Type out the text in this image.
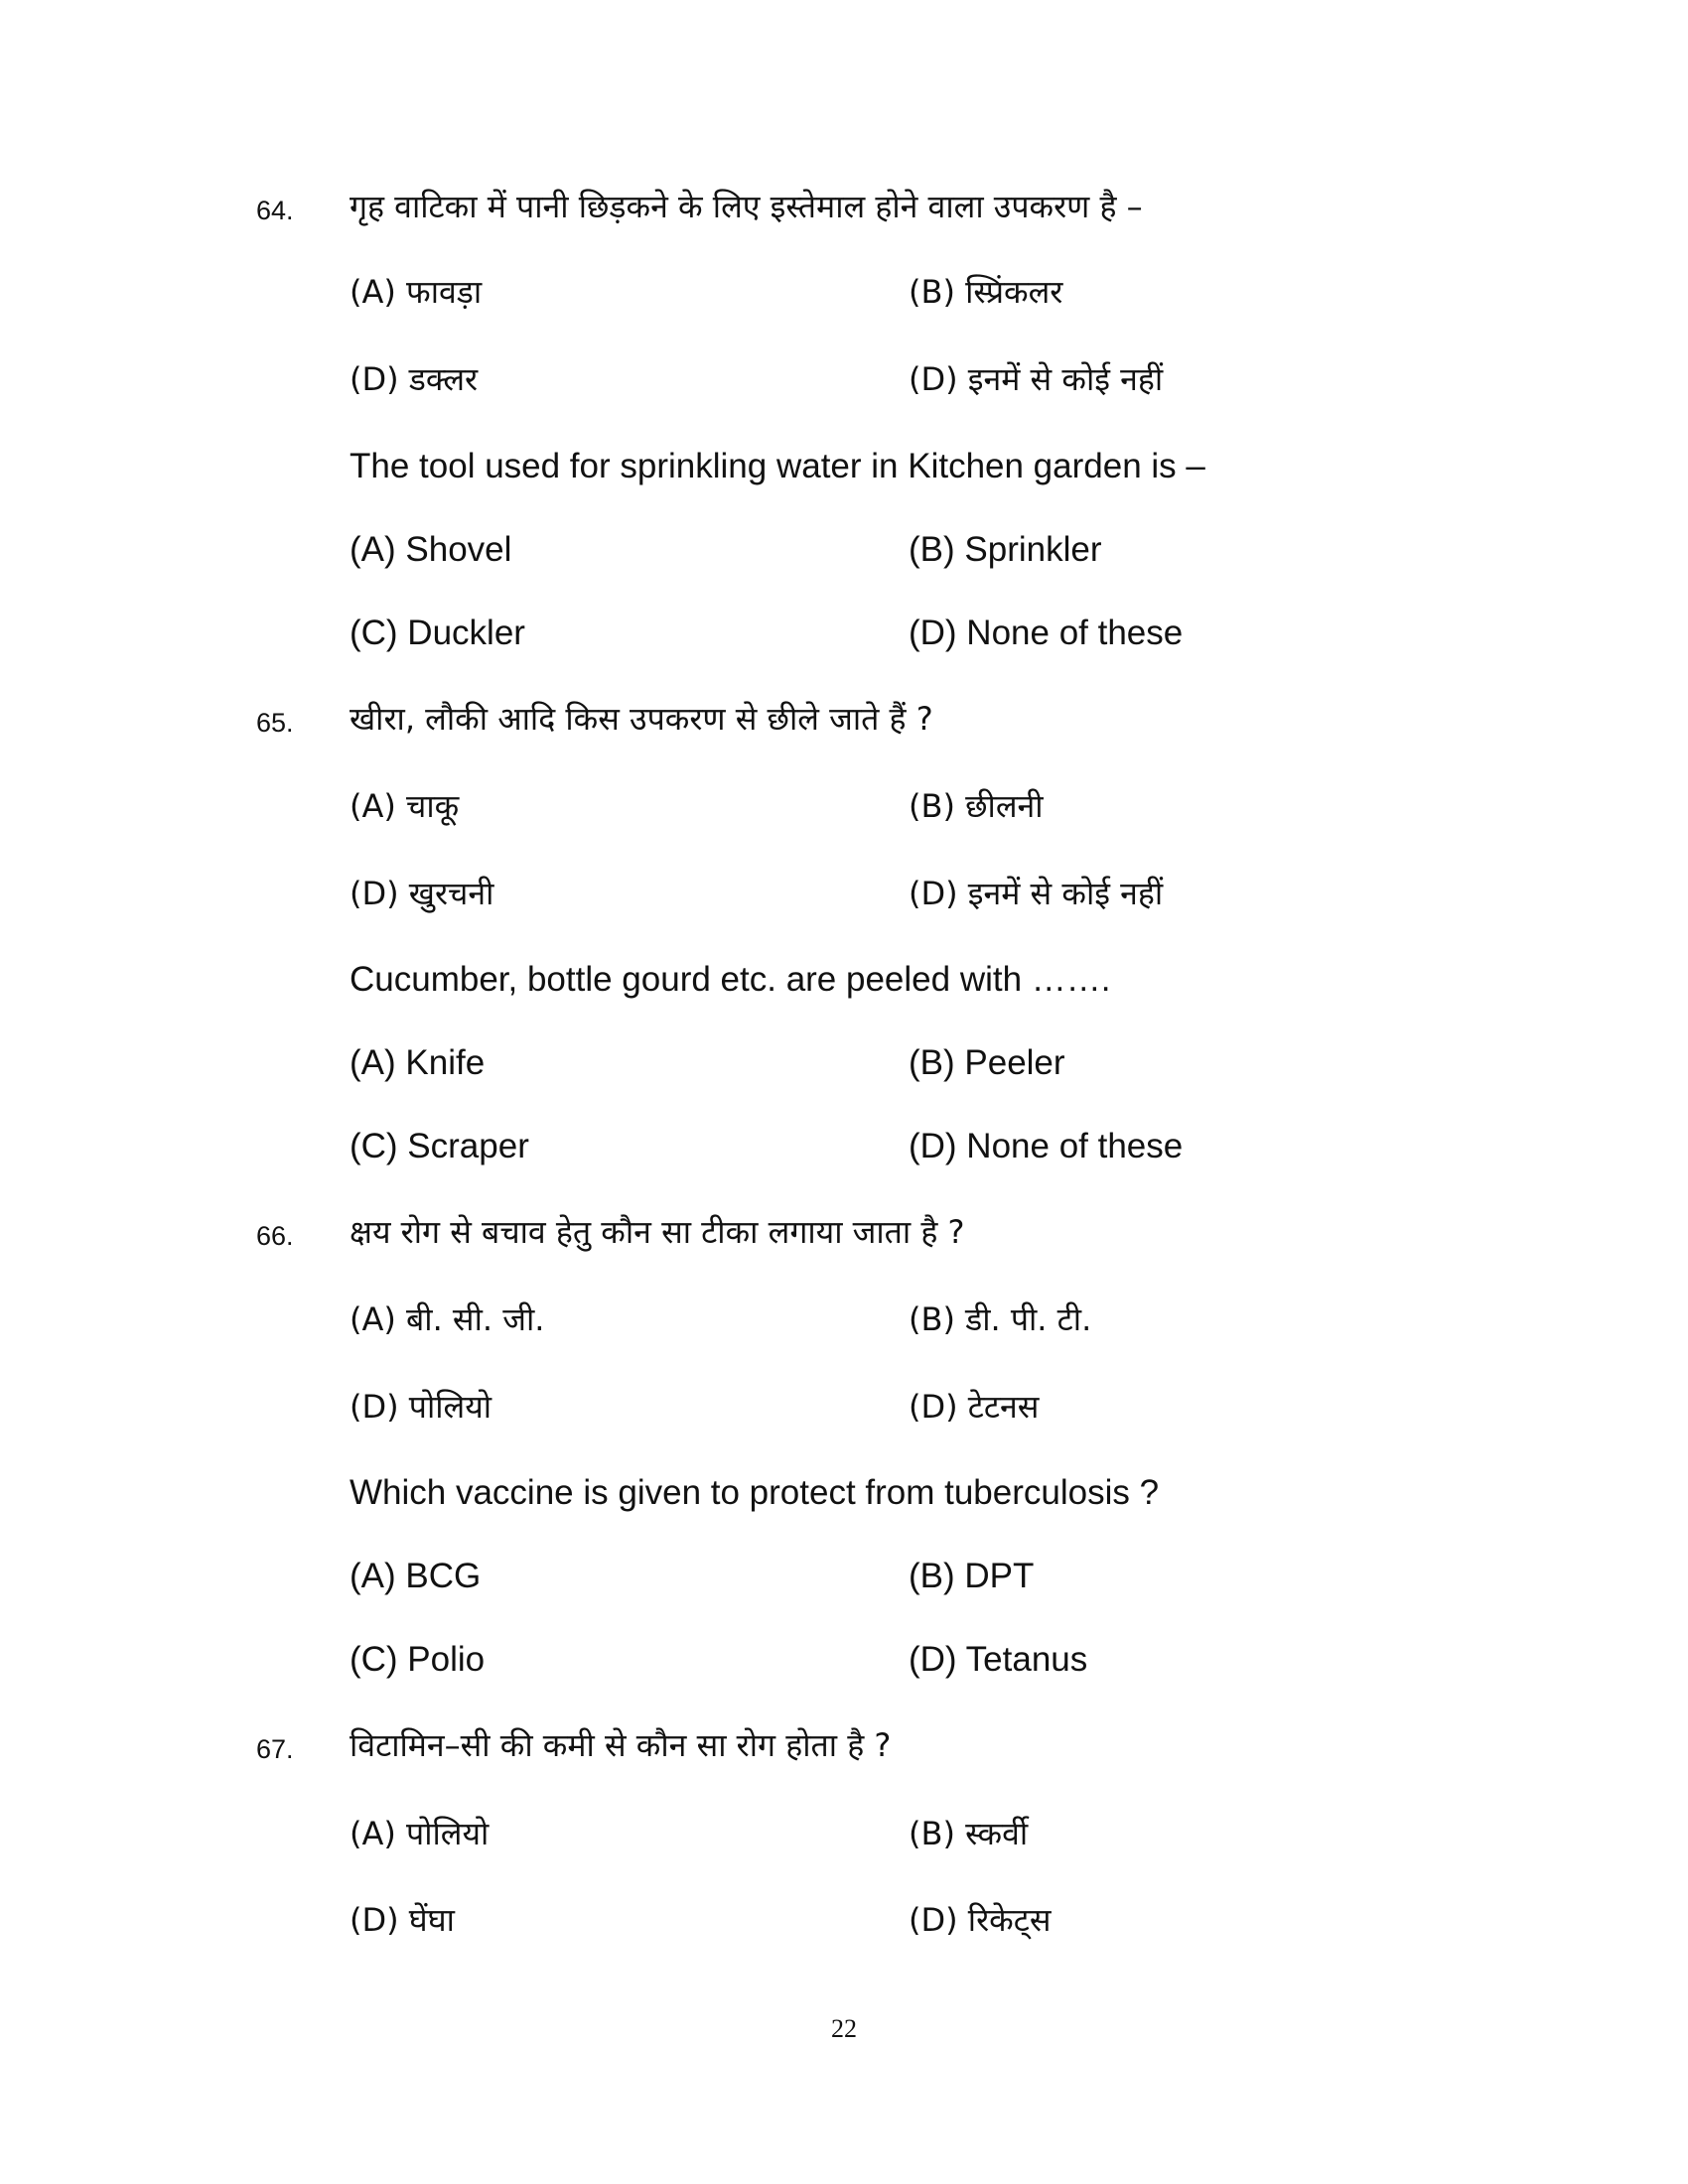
64. गृह वाटिका में पानी छिड़कने के लिए इस्तेमाल होने वाला उपकरण है –
(A) फावड़ा	(B) स्प्रिंकलर
(D) डक्लर	(D) इनमें से कोई नहीं
The tool used for sprinkling water in Kitchen garden is –
(A) Shovel	(B) Sprinkler
(C) Duckler	(D) None of these
65. खीरा, लौकी आदि किस उपकरण से छीले जाते हैं ?
(A) चाकू	(B) छीलनी
(D) खुरचनी	(D) इनमें से कोई नहीं
Cucumber, bottle gourd etc. are peeled with …….
(A) Knife	(B) Peeler
(C) Scraper	(D) None of these
66. क्षय रोग से बचाव हेतु कौन सा टीका लगाया जाता है ?
(A) बी. सी. जी.	(B) डी. पी. टी.
(D) पोलियो	(D) टेटनस
Which vaccine is given to protect from tuberculosis ?
(A) BCG	(B) DPT
(C) Polio	(D) Tetanus
67. विटामिन–सी की कमी से कौन सा रोग होता है ?
(A) पोलियो	(B) स्कर्वी
(D) घेंघा	(D) रिकेट्स
22
